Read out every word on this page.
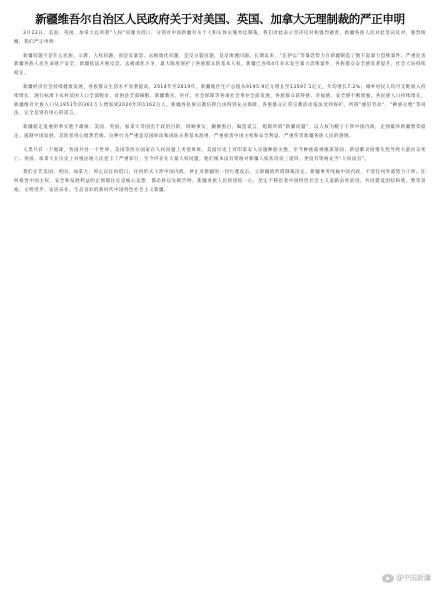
新疆维吾尔自治区人民政府关于对美国、英国、加拿大无理制裁的严正申明

3月22日，美国、英国、加拿大以所谓“人权”问题为借口，分别对中国新疆有关个人和实体实施单边制裁。我们对此表示坚决反对和强烈谴责。新疆各族人民对此坚决反对，强烈愤慨，我们严正申明：

新疆问题不是什么民族、宗教、人权问题，而是反暴恐、去极端化问题，是反分裂问题，是反渗透问题。长期以来，“东伊运”等暴恐势力在新疆制造了数千起暴力恐怖案件，严重危害新疆各族人民生命财产安全。新疆依法开展反恐、去极端化斗争，最大限度保护了各族群众的基本人权。新疆已连续4年多未发生暴力恐怖案件，各族群众安全感显著提升，社会大局持续稳定。

新疆经济社会持续健康发展，各族群众生活水平显著提高。2014年至2019年，新疆地区生产总值从9195.9亿元增长至13597.1亿元，年均增长7.2%；城乡居民人均可支配收入持续增长，现行标准下农村贫困人口全部脱贫，贫困县全部摘帽。新疆教育、医疗、社会保障等各项社会事业全面发展，各族群众获得感、幸福感、安全感不断增强。各民族人口持续增长，新疆维吾尔族人口从1953年的361万人增加到2020年的1162万人。新疆各民族宗教信仰自由得到充分保障，各族群众正常宗教活动依法受到保护。所谓“强迫劳动”、“种族灭绝”等说法，完全是别有用心的谎言。

新疆稳定发展的事实胜于雄辩。美国、英国、加拿大等国出于政治目的，罔顾事实，颠倒黑白，编造谎言，炮制所谓“新疆问题”，以人权为幌子干涉中国内政，企图破坏新疆繁荣稳定、遏制中国发展，其险恶用心昭然若揭。这种行为严重违反国际法和国际关系基本准则，严重损害中国主权和安全利益，严重伤害新疆各族人民的感情。

人类只有一个地球，各国共处一个世界。美国等西方国家在人权问题上劣迹斑斑，美国历史上对印第安人实施种族灭绝，至今种族歧视根深蒂固，新冠肺炎疫情失控导致大量民众死亡；英国、加拿大在历史上对殖民地人民犯下了严重罪行，至今仍存在大量人权问题。他们根本没有资格对新疆人权状况说三道四，更没有资格充当“人权法官”。

我们正告美国、英国、加拿大，停止以任何借口、任何形式干涉中国内政，停止对新疆的一切污蔑攻击，立即撤销所谓制裁决定。新疆事务纯属中国内政，不容任何外部势力干涉。任何损害中国主权、安全和发展利益的企图都注定是痴心妄想，都必将以失败告终。新疆各族人民将团结一心，坚定不移沿着中国特色社会主义道路奋勇前进，共同建设团结和谐、繁荣富裕、文明进步、安居乐业、生态良好的新时代中国特色社会主义新疆。

@中国新疆
